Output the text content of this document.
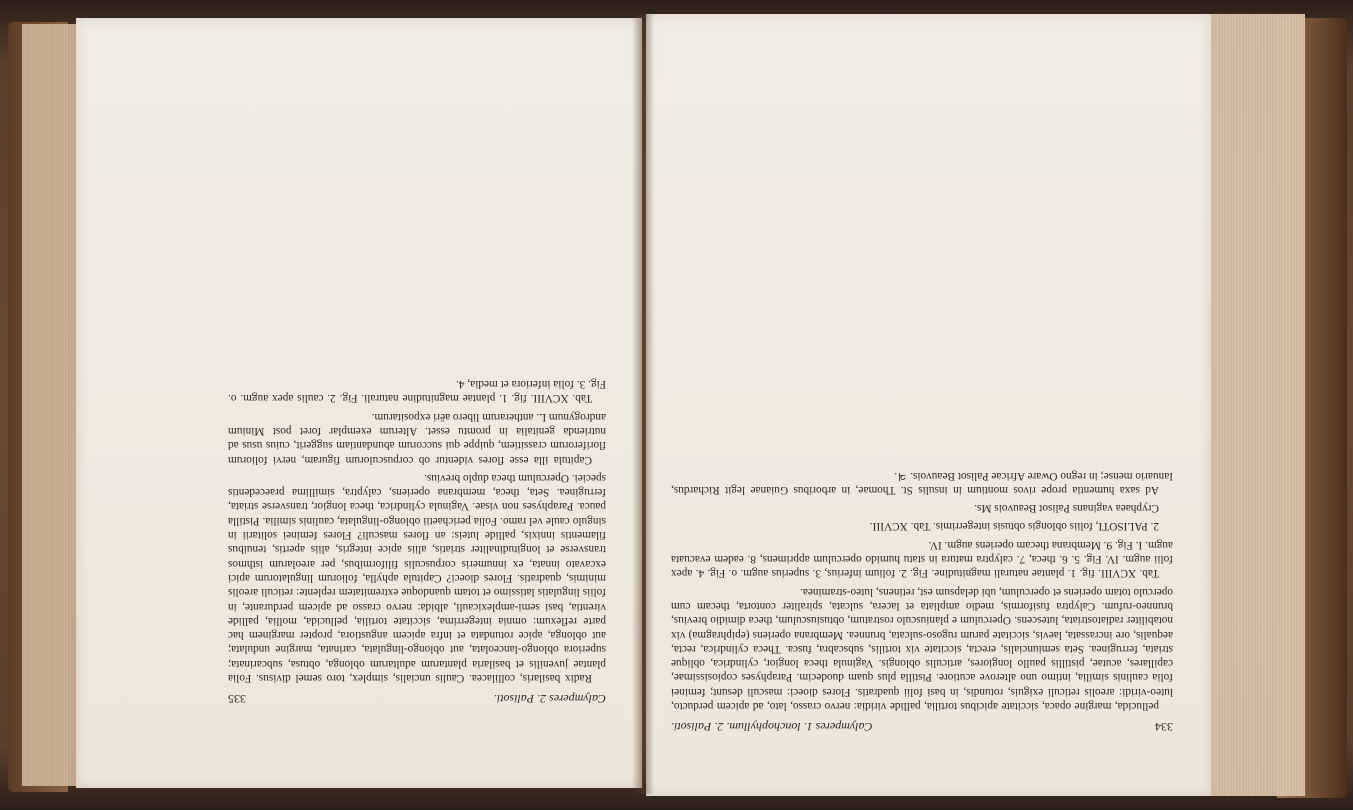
Calymperes 2. Palisoti.
335

Radix basilaris, collilacea. Caulis uncialis, simplex, toro semel divisus. Folia plantae juvenilis et basilaria plantarum adultarum oblonga, obtusa, subcarinata; superiora oblongo-lanceolata, aut oblongo-lingulata, carinata, margine undulata; aut oblonga, apice rotundata et infra apicem angustiora, propter marginem hac parte reflexum: omnia integerrima, siccitate tortilia, pellucida, mollia, pallide virentia, basi semi-amplexicauli, albida: nervo crasso ad apicem perdurante, in foliis lingulatis latissimo et totam quandoque extremitatem replente: reticuli areolis minimis, quadratis. Flores dioeci? Capitula aphylla, foliorum lingulatorum apici excavato innata, ex innumeris corpusculis filiformibus, per areolarum isthmos transverse et longitudinaliter striatis, aliis apice integris, aliis apertis, tenuibus filamentis innixis, pallide luteis: an flores masculi? Flores feminei solitarii in singulo caule vel ramo. Folia perichaetii oblongo-lingulata, caulinis similia. Pistilla pauca. Paraphyses non visae. Vaginula cylindrica, theca longior, transverse striata, ferruginea. Seta, theca, membrana operiens, calyptra, simillima praecedentis speciei. Operculum theca duplo brevius.

Capitula illa esse flores videntur ob corpusculorum figuram, nervi foliorum floriferorum crassitiem, quippe qui succorum abundantiam suggerit, cuius usus ad nutrienda genitalia in promtu esset. Alterum exemplar foret post Minium androgynum L. antherarum libero aëri expositarum.

Tab. XCVIII. fig. 1. plantae magnitudine naturali. Fig. 2. caulis apex augm. o. Fig. 3. folia inferiora et media, 4.

334
Calymperes 1. lonchophyllum. 2. Palisoti.

pellucida, margine opaca, siccitate apicibus tortilia, pallide viridia: nervo crasso, lato, ad apicem perducto, luteo-viridi: areolis reticuli exiguis, rotundis, in basi folii quadratis. Flores dioeci: masculi desunt; feminei folia caulinis similia, intimo uno alterove acutiore. Pistilla plus quam duodecim. Paraphyses copiosissimae, capillares, acutae, pistillis paullo longiores, articulis oblongis. Vaginula theca longior, cylindrica, oblique striata, ferruginea. Seta semiuncialis, erecta, siccitate vix tortilis, subscabra, fusca. Theca cylindrica, recta, aequalis, ore incrassata, laevis, siccitate parum rugoso-sulcata, brunnea. Membrana operiens (epiphragma) vix notabiliter radiatostriata, lutescens. Operculum e planiusculo rostratum, obtusiusculum, theca dimidio brevius, brunneo-rufum. Calyptra fusiformis, medio ampliata et lacera, sulcata, spiraliter contorta, thecam cum operculo totam operiens et operculum, ubi delapsum est, retinens, luteo-straminea.

Tab. XCVIII. fig. 1. plantae naturali magnitudine. Fig. 2. folium inferius, 3. superius augm. o. Fig. 4. apex folii augm. IV. Fig. 5. 6. theca, 7. calyptra matura in statu humido operculum apprimens, 8. eadem evacuata augm. I. Fig. 9. Membrana thecam operiens augm. IV.

2. PALISOTI, foliis oblongis obtusis integerrimis. Tab. XCVIII.

Cryphaea vaginans Palisot Beauvois Ms.

Ad saxa humentia prope rivos montium in insulis St. Thomae, in arboribus Guianae legit Richardus, Ianuario mense; in regno Oware Africae Palisot Beauvois. ♃.
